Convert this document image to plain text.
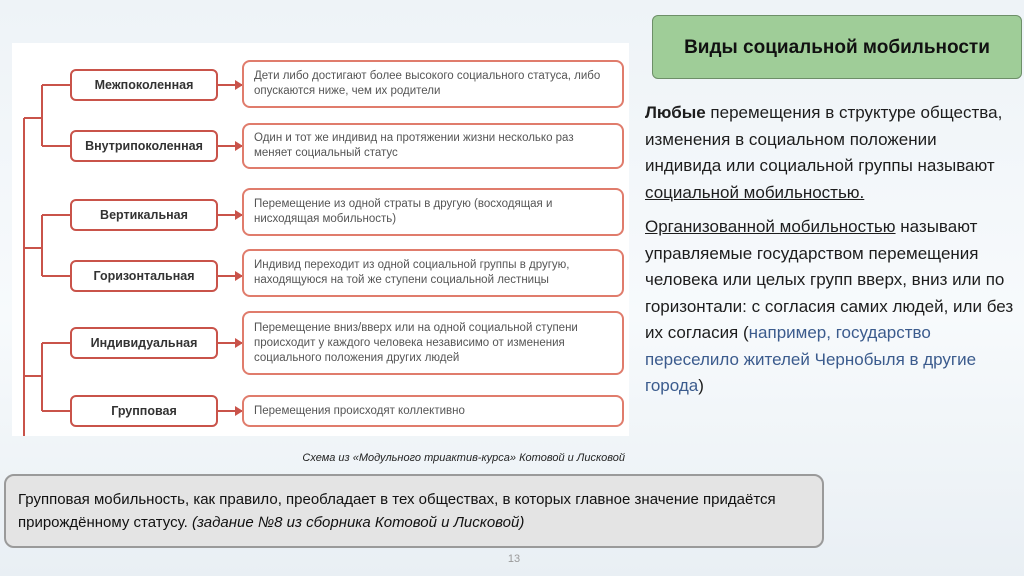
Межпоколенная
Дети либо достигают более высокого социального статуса, либо опускаются ниже, чем их родители
Внутрипоколенная
Один и тот же индивид на протяжении жизни несколько раз меняет социальный статус
Вертикальная
Перемещение из одной страты в другую (восходящая и нисходящая мобильность)
Горизонтальная
Индивид переходит из одной социальной группы в другую, находящуюся на той же ступени социальной лестницы
Индивидуальная
Перемещение вниз/вверх или на одной социальной ступени происходит у каждого человека независимо от изменения социального положения других людей
Групповая	Перемещения происходят коллективно
Схема из «Модульного триактив-курса» Котовой и Лисковой
Виды социальной мобильности

Любые перемещения в структуре общества, изменения в социальном положении индивида или социальной группы называют социальной мобильностью.

Организованной мобильностью называют управляемые государством перемещения человека или целых групп вверх, вниз или по горизонтали: с согласия самих людей, или без их согласия (например, государство переселило жителей Чернобыля в другие города)

Групповая мобильность, как правило, преобладает в тех обществах, в которых главное значение придаётся прирождённому статусу. (задание №8 из сборника Котовой и Лисковой)
13
